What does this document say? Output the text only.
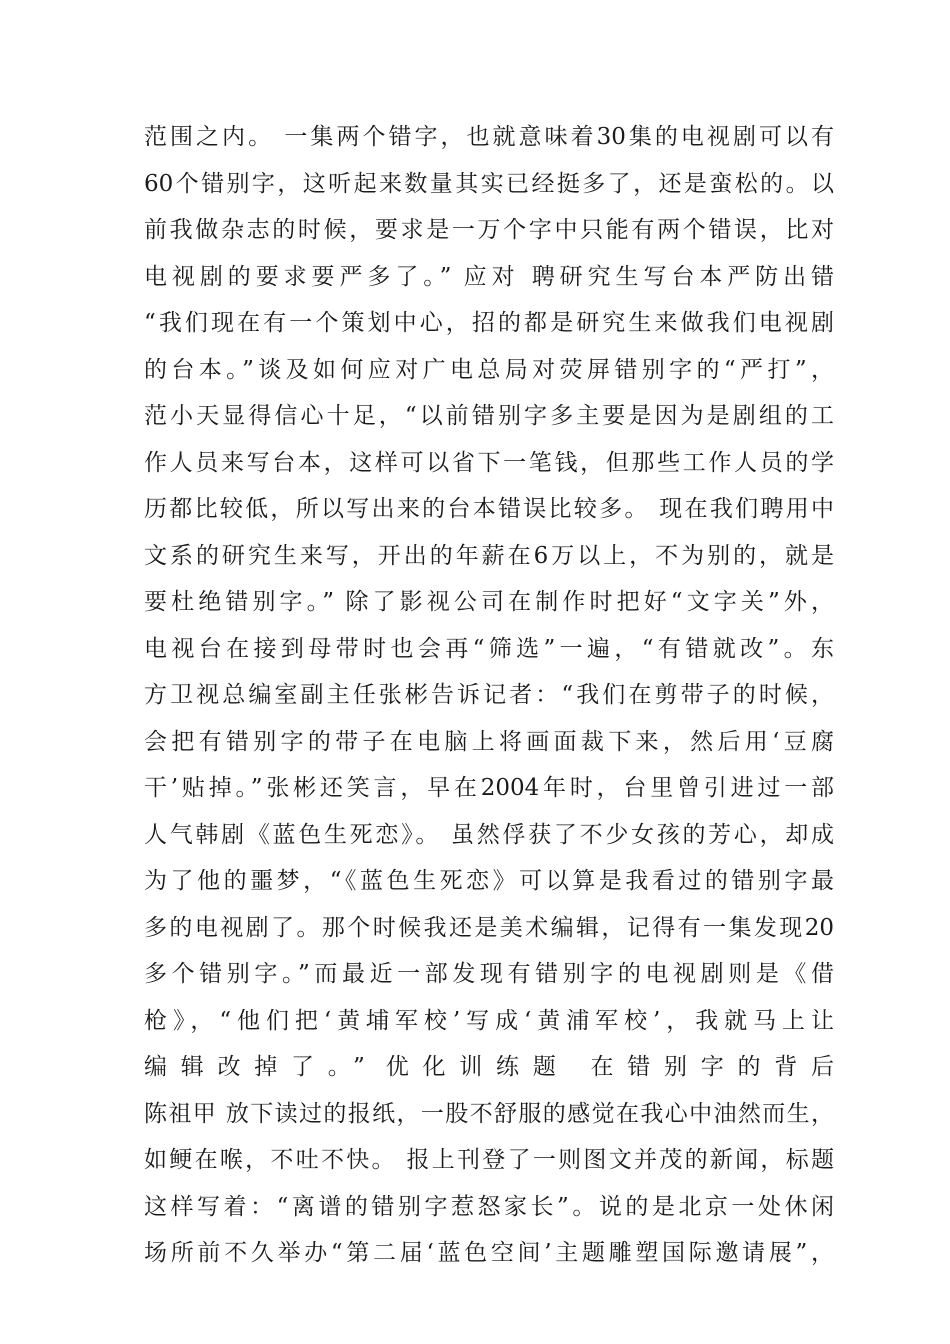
范围之内。 一集两个错字，也就意味着30集的电视剧可以有
60个错别字，这听起来数量其实已经挺多了，还是蛮松的。以
前我做杂志的时候，要求是一万个字中只能有两个错误，比对
电视剧的要求要严多了。” 应对 聘研究生写台本严防出错
“我们现在有一个策划中心，招的都是研究生来做我们电视剧
的台本。”谈及如何应对广电总局对荧屏错别字的“严打”，
范小天显得信心十足，“以前错别字多主要是因为是剧组的工
作人员来写台本，这样可以省下一笔钱，但那些工作人员的学
历都比较低，所以写出来的台本错误比较多。 现在我们聘用中
文系的研究生来写，开出的年薪在6万以上，不为别的，就是
要杜绝错别字。” 除了影视公司在制作时把好“文字关”外，
电视台在接到母带时也会再“筛选”一遍，“有错就改”。东
方卫视总编室副主任张彬告诉记者：“我们在剪带子的时候，
会把有错别字的带子在电脑上将画面裁下来，然后用‘豆腐
干’贴掉。”张彬还笑言，早在2004年时，台里曾引进过一部
人气韩剧《蓝色生死恋》。 虽然俘获了不少女孩的芳心，却成
为了他的噩梦，“《蓝色生死恋》可以算是我看过的错别字最
多的电视剧了。那个时候我还是美术编辑，记得有一集发现20
多个错别字。”而最近一部发现有错别字的电视剧则是《借
枪》，“他们把‘黄埔军校’写成‘黄浦军校’，我就马上让
编辑改掉了。” 优化训练题 在错别字的背后
陈祖甲 放下读过的报纸，一股不舒服的感觉在我心中油然而生，
如鲠在喉，不吐不快。 报上刊登了一则图文并茂的新闻，标题
这样写着：“离谱的错别字惹怒家长”。说的是北京一处休闲
场所前不久举办“第二届‘蓝色空间’主题雕塑国际邀请展”，
